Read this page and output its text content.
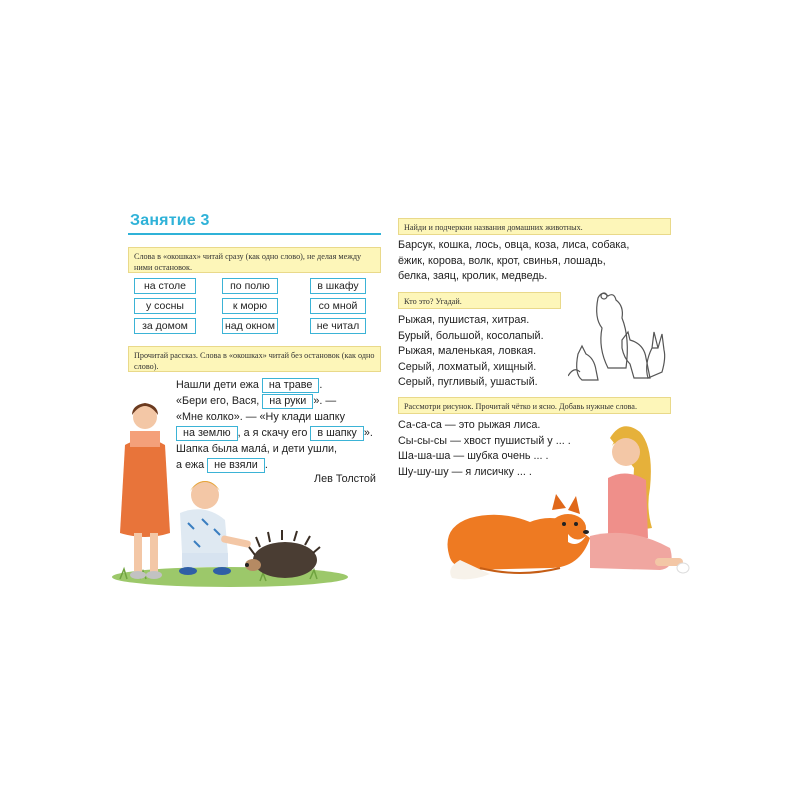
Занятие 3
Слова в «окошках» читай сразу (как одно слово), не делая между ними остановок.
на столе	по полю	в шкафу
у сосны	к морю	со мной
за домом	над окном	не читал
Прочитай рассказ. Слова в «окошках» читай без остановок (как одно слово).
Нашли дети ежа на траве .
«Бери его, Вася, на руки ». —
«Мне колко». — «Ну клади шапку
на землю , а я скачу его в шапку ».
Шапка была мала́, и дети ушли,
а ежа не взяли .
Лев Толстой
Найди и подчеркни названия домашних животных.
Барсук, кошка, лось, овца, коза, лиса, собака,
ёжик, корова, волк, крот, свинья, лошадь,
белка, заяц, кролик, медведь.
Кто это? Угадай.
Рыжая, пушистая, хитрая.
Бурый, большой, косолапый.
Рыжая, маленькая, ловкая.
Серый, лохматый, хищный.
Серый, пугливый, ушастый.
Рассмотри рисунок. Прочитай чётко и ясно. Добавь нужные слова.
Са-са-са — это рыжая лиса.
Сы-сы-сы — хвост пушистый у ... .
Ша-ша-ша — шубка очень ... .
Шу-шу-шу — я лисичку ... .
